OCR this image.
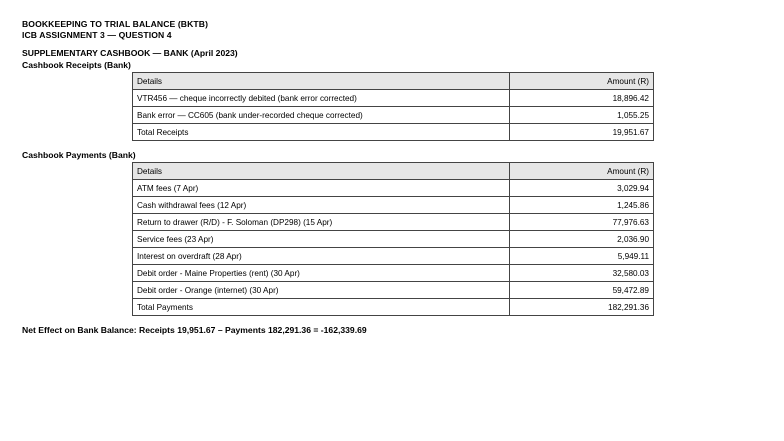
BOOKKEEPING TO TRIAL BALANCE (BKTB)
ICB ASSIGNMENT 3 — QUESTION 4
SUPPLEMENTARY CASHBOOK — BANK (April 2023)
Cashbook Receipts (Bank)
Details	Amount (R)
VTR456 — cheque incorrectly debited (bank error corrected)	18,896.42
Bank error — CC605 (bank under-recorded cheque corrected)	1,055.25
Total Receipts	19,951.67
Cashbook Payments (Bank)
Details	Amount (R)
ATM fees (7 Apr)	3,029.94
Cash withdrawal fees (12 Apr)	1,245.86
Return to drawer (R/D) - F. Soloman (DP298) (15 Apr)	77,976.63
Service fees (23 Apr)	2,036.90
Interest on overdraft (28 Apr)	5,949.11
Debit order - Maine Properties (rent) (30 Apr)	32,580.03
Debit order - Orange (internet) (30 Apr)	59,472.89
Total Payments	182,291.36
Net Effect on Bank Balance: Receipts 19,951.67 – Payments 182,291.36 = -162,339.69
